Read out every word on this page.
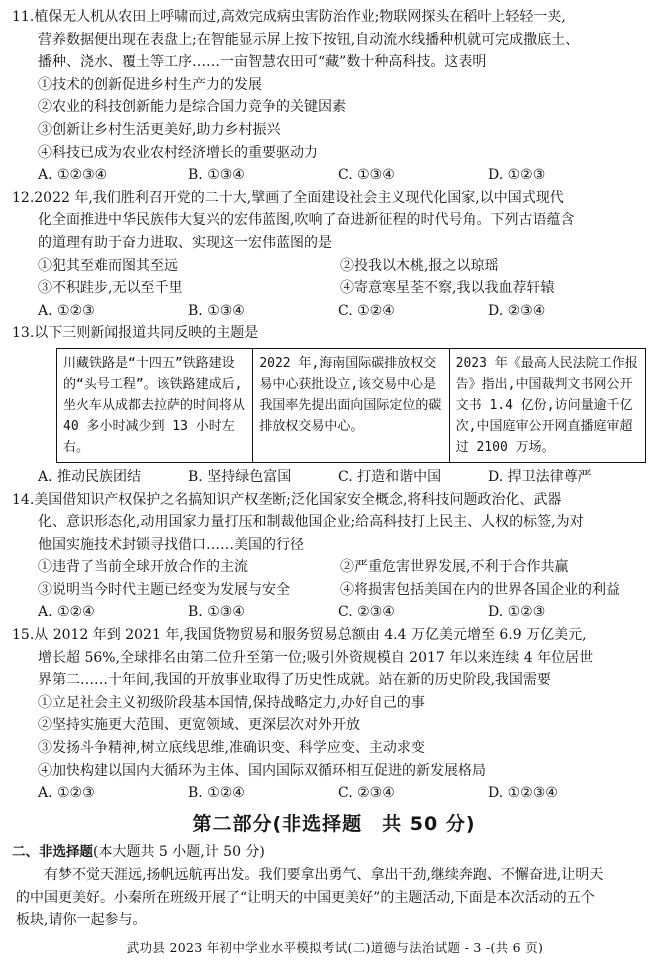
11.植保无人机从农田上呼啸而过,高效完成病虫害防治作业;物联网探头在稻叶上轻轻一夹,
营养数据便出现在表盘上;在智能显示屏上按下按钮,自动流水线播种机就可完成撒底土、
播种、浇水、覆土等工序……一亩智慧农田可“藏”数十种高科技。这表明
①技术的创新促进乡村生产力的发展
②农业的科技创新能力是综合国力竞争的关键因素
③创新让乡村生活更美好,助力乡村振兴
④科技已成为农业农村经济增长的重要驱动力
A. ①②③④	B. ①③④	C. ①③④	D. ①②③
12.2022 年,我们胜利召开党的二十大,擘画了全面建设社会主义现代化国家,以中国式现代
化全面推进中华民族伟大复兴的宏伟蓝图,吹响了奋进新征程的时代号角。下列古语蕴含
的道理有助于奋力进取、实现这一宏伟蓝图的是
①犯其至难而图其至远	②投我以木桃,报之以琼瑶
③不积跬步,无以至千里	④寄意寒星荃不察,我以我血荐轩辕
A. ①②③	B. ①③④	C. ①②④	D. ②③④
13.以下三则新闻报道共同反映的主题是
川藏铁路是“十四五”铁路建设的“头号工程”。该铁路建成后,坐火车从成都去拉萨的时间将从 40 多小时减少到 13 小时左右。	2022 年,海南国际碳排放权交易中心获批设立,该交易中心是我国率先提出面向国际定位的碳排放权交易中心。	2023 年《最高人民法院工作报告》指出,中国裁判文书网公开文书 1.4 亿份,访问量逾千亿次,中国庭审公开网直播庭审超过 2100 万场。
A. 推动民族团结	B. 坚持绿色富国	C. 打造和谐中国	D. 捍卫法律尊严
14.美国借知识产权保护之名搞知识产权垄断;泛化国家安全概念,将科技问题政治化、武器
化、意识形态化,动用国家力量打压和制裁他国企业;给高科技打上民主、人权的标签,为对
他国实施技术封锁寻找借口……美国的行径
①违背了当前全球开放合作的主流	②严重危害世界发展,不利于合作共赢
③说明当今时代主题已经变为发展与安全	④将损害包括美国在内的世界各国企业的利益
A. ①②④	B. ①③④	C. ②③④	D. ①②③
15.从 2012 年到 2021 年,我国货物贸易和服务贸易总额由 4.4 万亿美元增至 6.9 万亿美元,
增长超 56%,全球排名由第二位升至第一位;吸引外资规模自 2017 年以来连续 4 年位居世
界第二……十年间,我国的开放事业取得了历史性成就。站在新的历史阶段,我国需要
①立足社会主义初级阶段基本国情,保持战略定力,办好自己的事
②坚持实施更大范围、更宽领域、更深层次对外开放
③发扬斗争精神,树立底线思维,准确识变、科学应变、主动求变
④加快构建以国内大循环为主体、国内国际双循环相互促进的新发展格局
A. ①②③	B. ①②④	C. ②③④	D. ①②③④
第二部分(非选择题　共 50 分)
二、非选择题(本大题共 5 小题,计 50 分)
有梦不觉天涯远,扬帆远航再出发。我们要拿出勇气、拿出干劲,继续奔跑、不懈奋进,让明天
的中国更美好。小秦所在班级开展了“让明天的中国更美好”的主题活动,下面是本次活动的五个
板块,请你一起参与。
武功县 2023 年初中学业水平模拟考试(二)道德与法治试题 - 3 -(共 6 页)
